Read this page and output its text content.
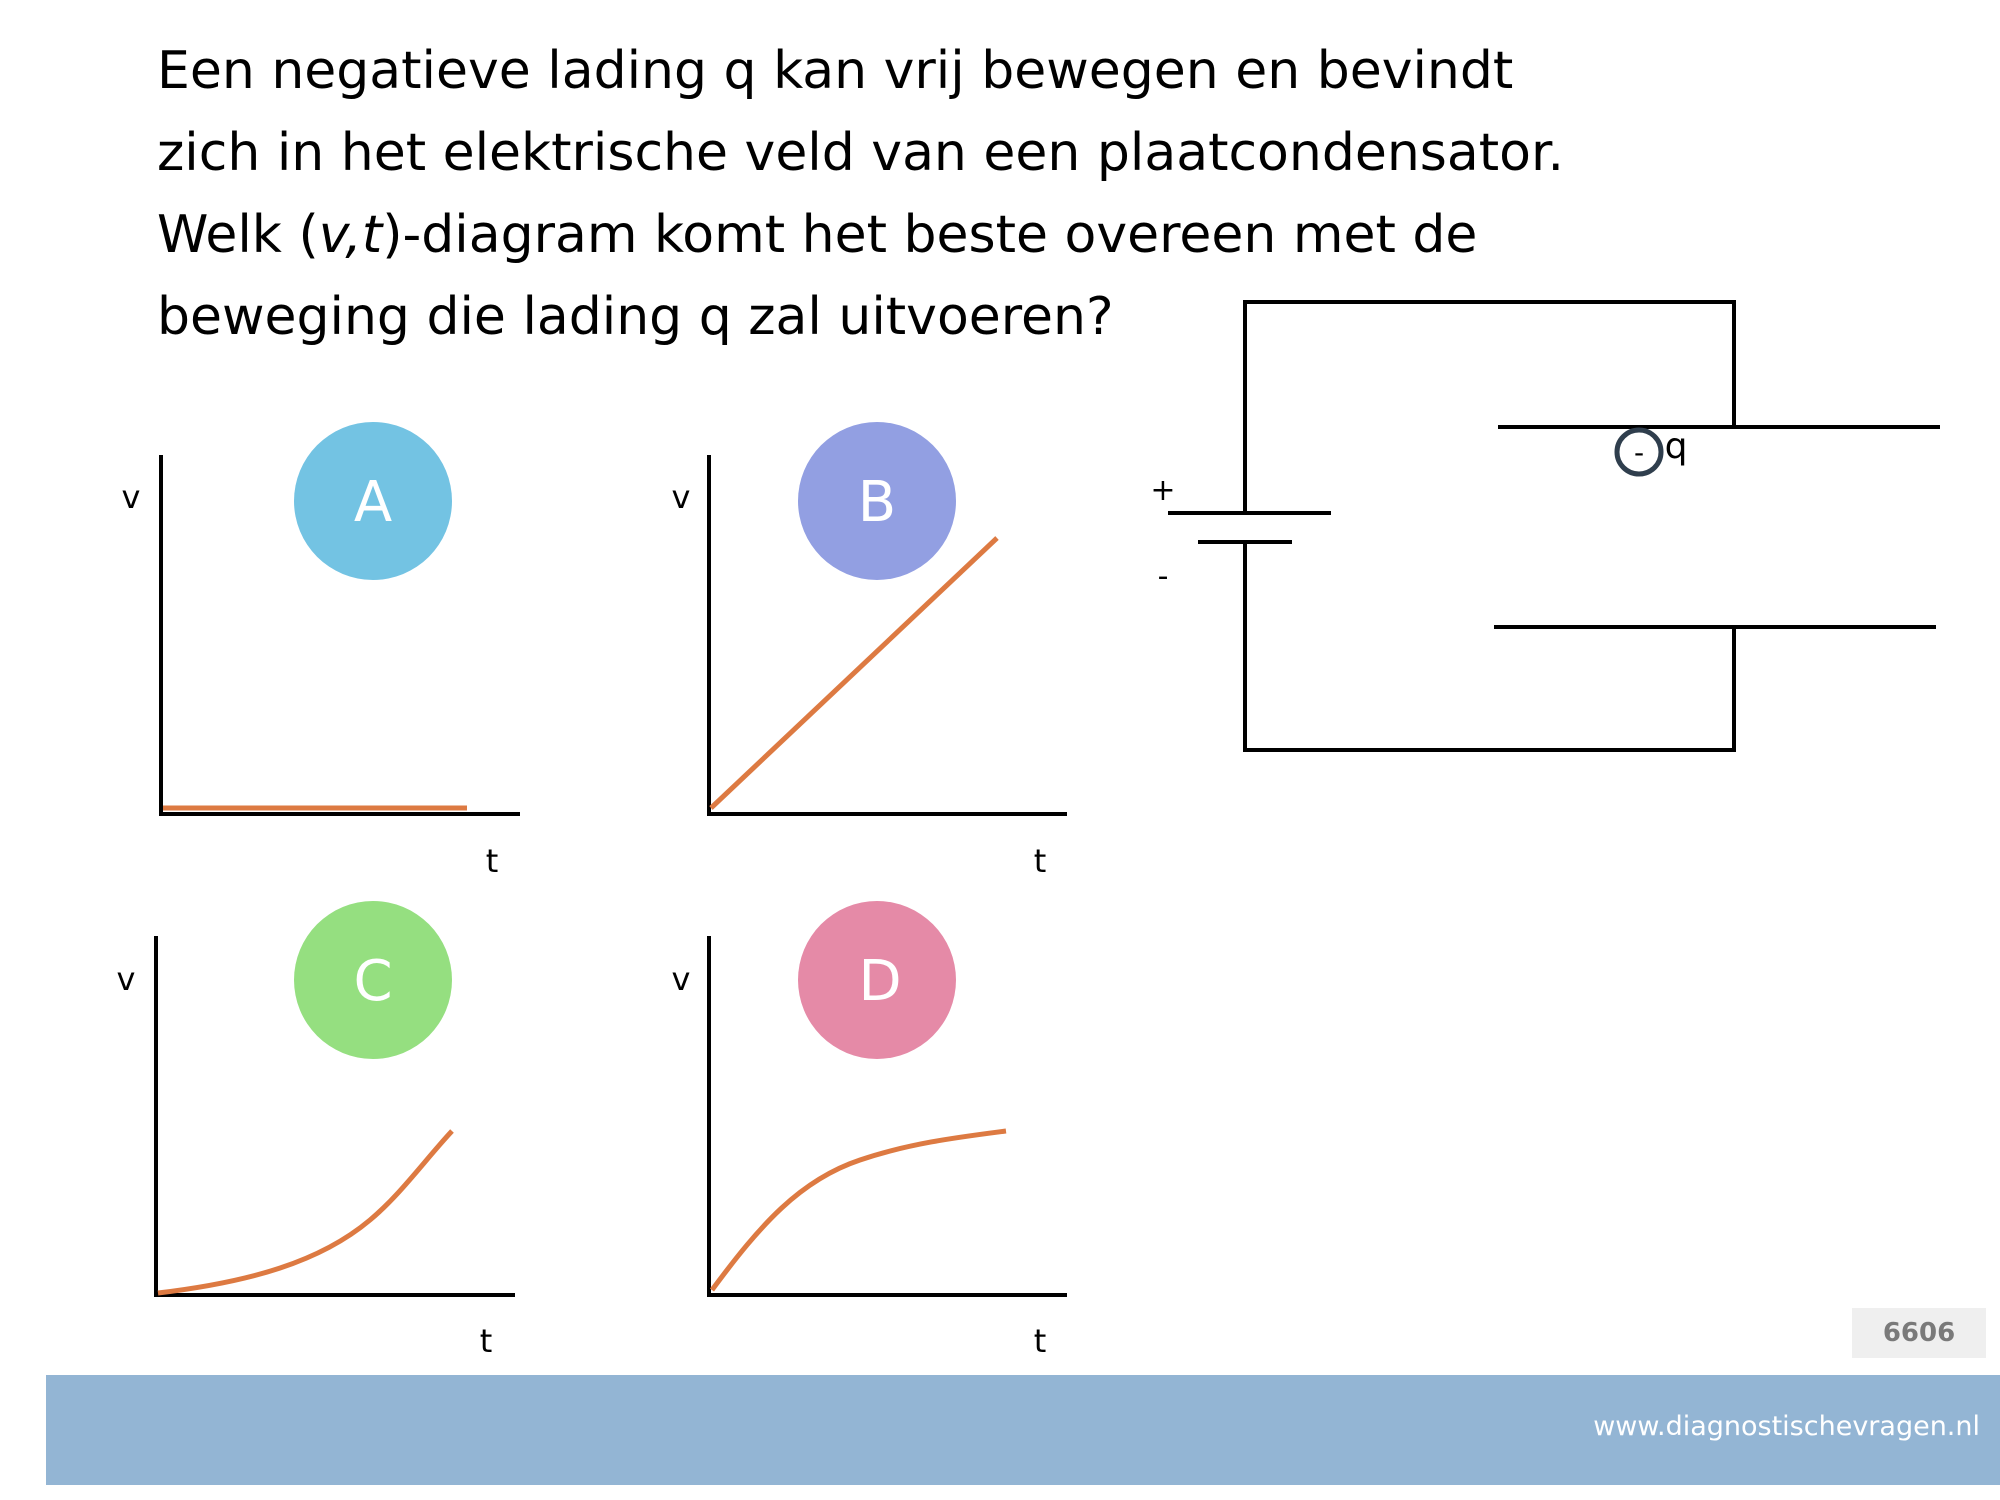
Een negatieve lading q kan vrij bewegen en bevindt
zich in het elektrische veld van een plaatcondensator.
Welk (v,t)-diagram komt het beste overeen met de
beweging die lading q zal uitvoeren?
A
v
t
B
v
t
C
v
t
D
v
t
+
-
- q
6606
www.diagnostischevragen.nl
